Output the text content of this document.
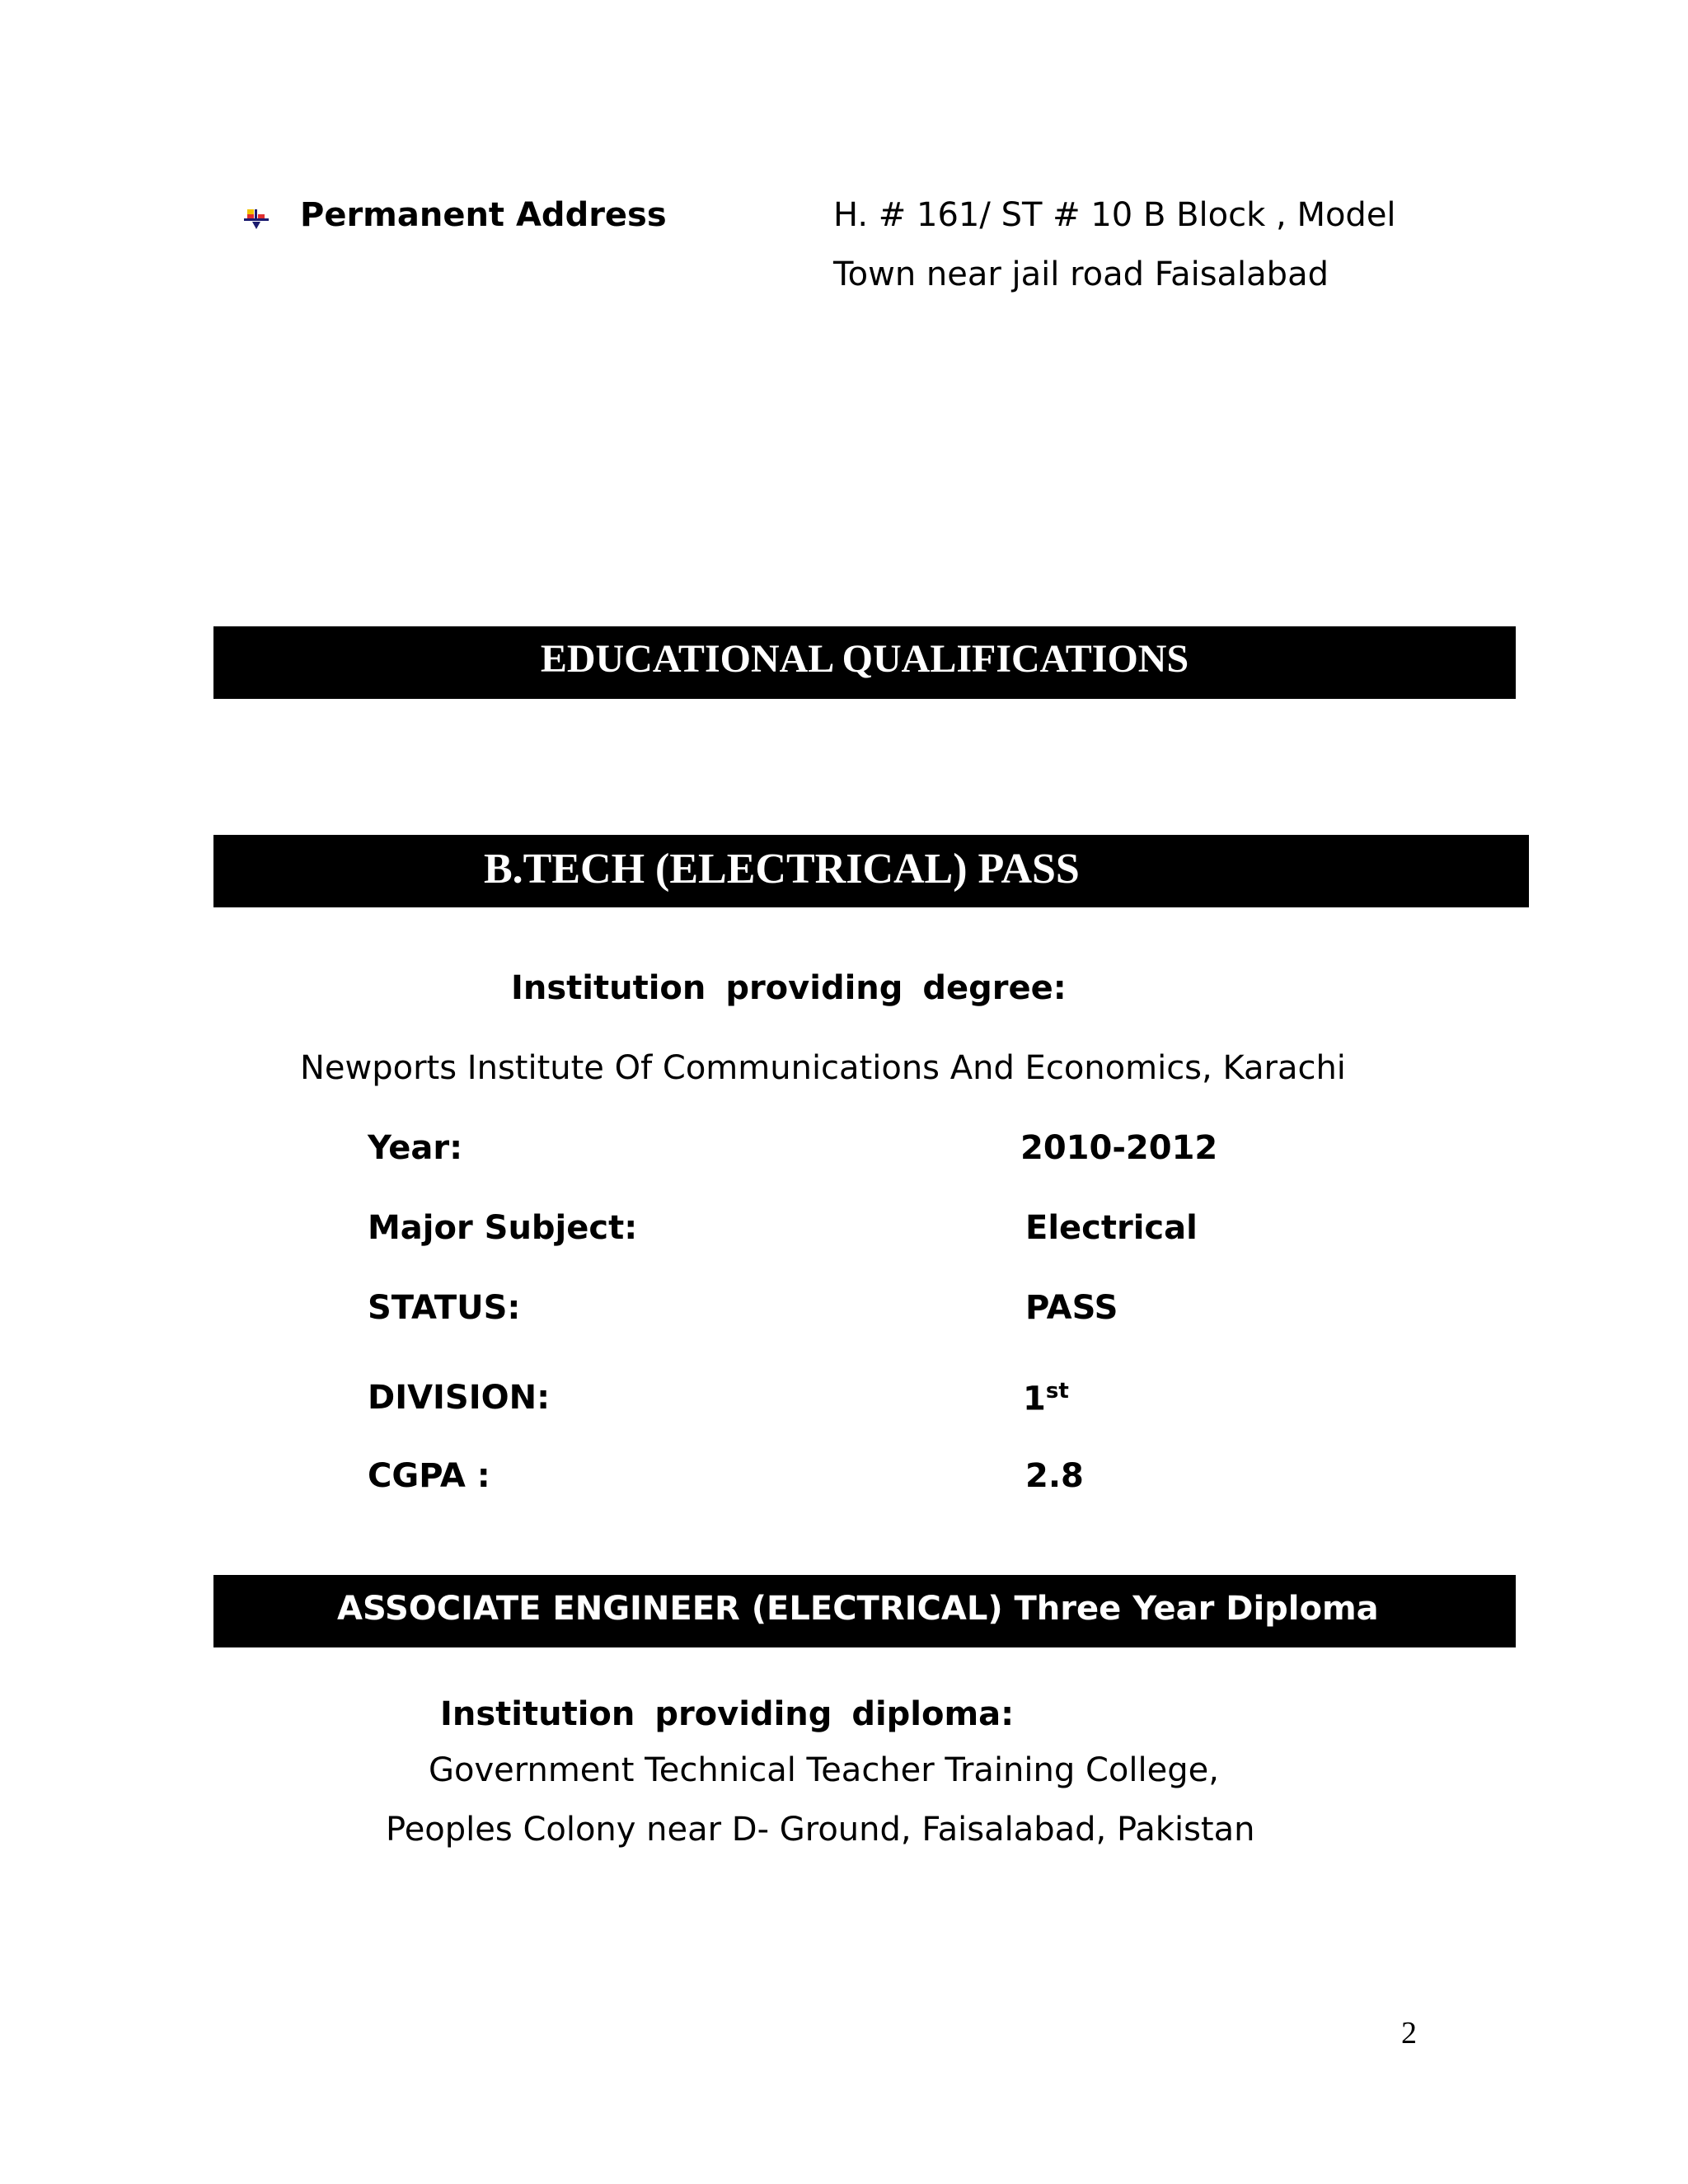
Permanent Address	H. # 161/ ST # 10 B Block , Model
Town near jail road Faisalabad
EDUCATIONAL QUALIFICATIONS
B.TECH (ELECTRICAL) PASS
Institution providing degree:
Newports Institute Of Communications And Economics, Karachi
Year:	2010-2012
Major Subject:	Electrical
STATUS:	PASS
DIVISION:	1st
CGPA :	2.8
ASSOCIATE ENGINEER (ELECTRICAL) Three Year Diploma
Institution providing diploma:
Government Technical Teacher Training College,
Peoples Colony near D- Ground, Faisalabad, Pakistan
2
